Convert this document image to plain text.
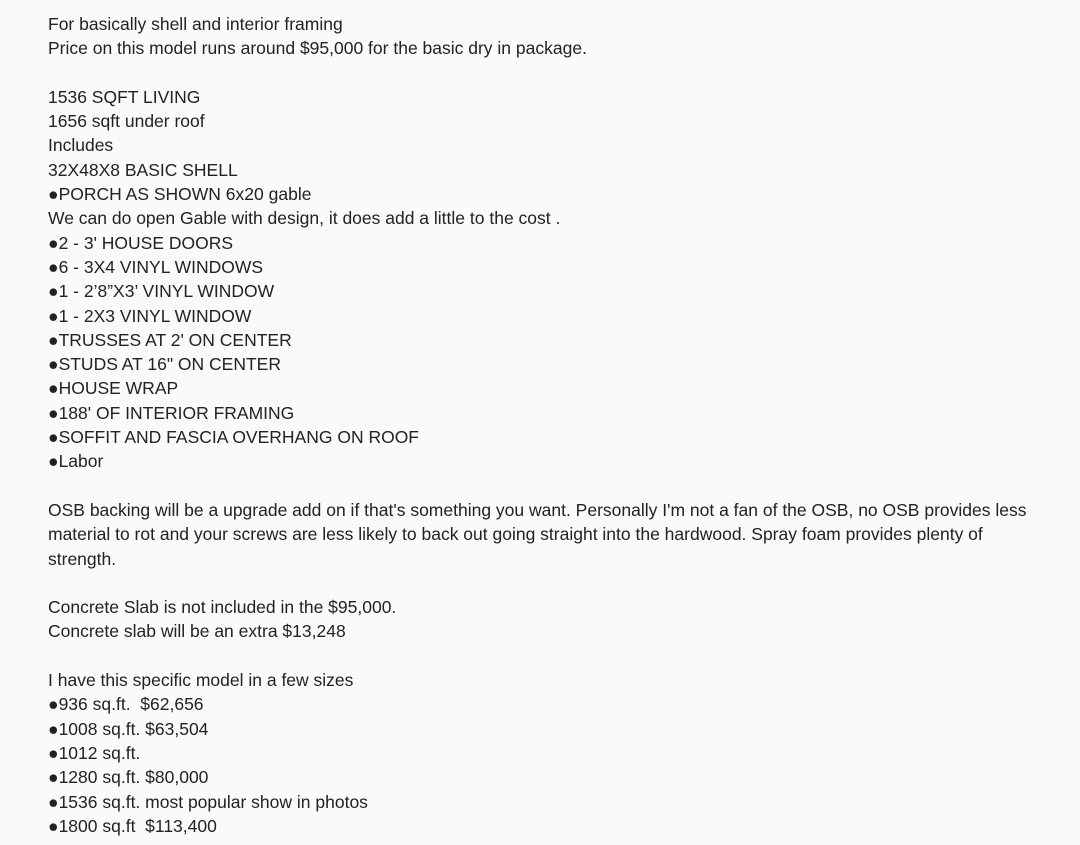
For basically shell and interior framing
Price on this model runs around $95,000 for the basic dry in package.
1536 SQFT LIVING
1656 sqft under roof
Includes
32X48X8 BASIC SHELL
●PORCH AS SHOWN 6x20 gable
We can do open Gable with design, it does add a little to the cost .
●2 - 3' HOUSE DOORS
●6 - 3X4 VINYL WINDOWS
●1 - 2’8”X3’ VINYL WINDOW
●1 - 2X3 VINYL WINDOW
●TRUSSES AT 2' ON CENTER
●STUDS AT 16" ON CENTER
●HOUSE WRAP
●188' OF INTERIOR FRAMING
●SOFFIT AND FASCIA OVERHANG ON ROOF
●Labor
OSB backing will be a upgrade add on if that's something you want. Personally I'm not a fan of the OSB, no OSB provides less material to rot and your screws are less likely to back out going straight into the hardwood. Spray foam provides plenty of strength.
Concrete Slab is not included in the $95,000.
Concrete slab will be an extra $13,248
I have this specific model in a few sizes
●936 sq.ft.  $62,656
●1008 sq.ft. $63,504
●1012 sq.ft.
●1280 sq.ft. $80,000
●1536 sq.ft. most popular show in photos
●1800 sq.ft  $113,400
